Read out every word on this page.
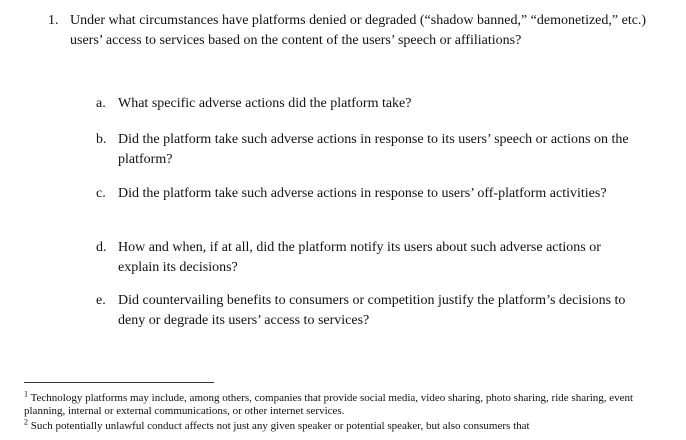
1. Under what circumstances have platforms denied or degraded (“shadow banned,” “demonetized,” etc.) users’ access to services based on the content of the users’ speech or affiliations?
a. What specific adverse actions did the platform take?
b. Did the platform take such adverse actions in response to its users’ speech or actions on the platform?
c. Did the platform take such adverse actions in response to users’ off-platform activities?
d. How and when, if at all, did the platform notify its users about such adverse actions or explain its decisions?
e. Did countervailing benefits to consumers or competition justify the platform’s decisions to deny or degrade its users’ access to services?
$^1$ Technology platforms may include, among others, companies that provide social media, video sharing, photo sharing, ride sharing, event planning, internal or external communications, or other internet services.
$^2$ Such potentially unlawful conduct affects not just any given speaker or potential speaker, but also consumers that
